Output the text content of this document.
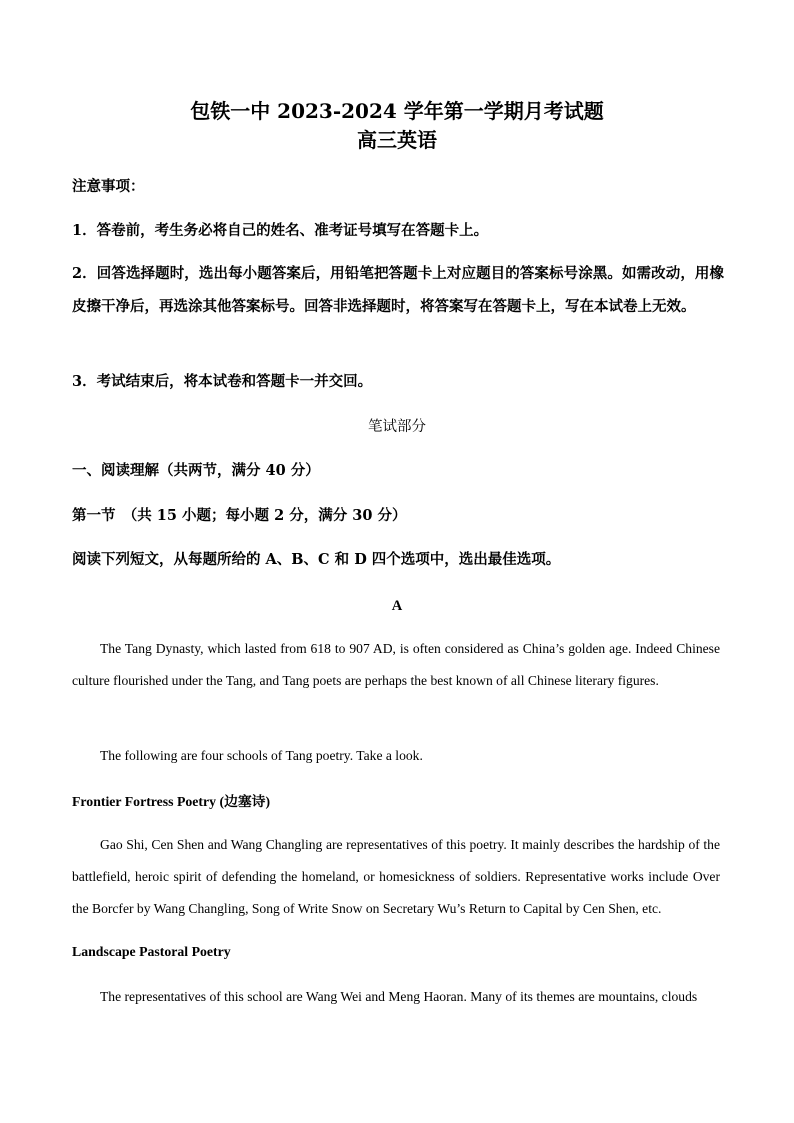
包铁一中 2023-2024 学年第一学期月考试题
高三英语
注意事项：
1．答卷前，考生务必将自己的姓名、准考证号填写在答题卡上。
2．回答选择题时，选出每小题答案后，用铅笔把答题卡上对应题目的答案标号涂黑。如需改动，用橡皮擦干净后，再选涂其他答案标号。回答非选择题时，将答案写在答题卡上，写在本试卷上无效。
3．考试结束后，将本试卷和答题卡一并交回。
笔试部分
一、阅读理解（共两节，满分 40 分）
第一节　（共 15 小题；每小题 2 分，满分 30 分）
阅读下列短文，从每题所给的 A、B、C 和 D 四个选项中，选出最佳选项。
A
The Tang Dynasty, which lasted from 618 to 907 AD, is often considered as China’s golden age. Indeed Chinese culture flourished under the Tang, and Tang poets are perhaps the best known of all Chinese literary figures.
The following are four schools of Tang poetry. Take a look.
Frontier Fortress Poetry (边塞诗)
Gao Shi, Cen Shen and Wang Changling are representatives of this poetry. It mainly describes the hardship of the battlefield, heroic spirit of defending the homeland, or homesickness of soldiers. Representative works include Over the Borcfer by Wang Changling, Song of Write Snow on Secretary Wu’s Return to Capital by Cen Shen, etc.
Landscape Pastoral Poetry
The representatives of this school are Wang Wei and Meng Haoran. Many of its themes are mountains, clouds
